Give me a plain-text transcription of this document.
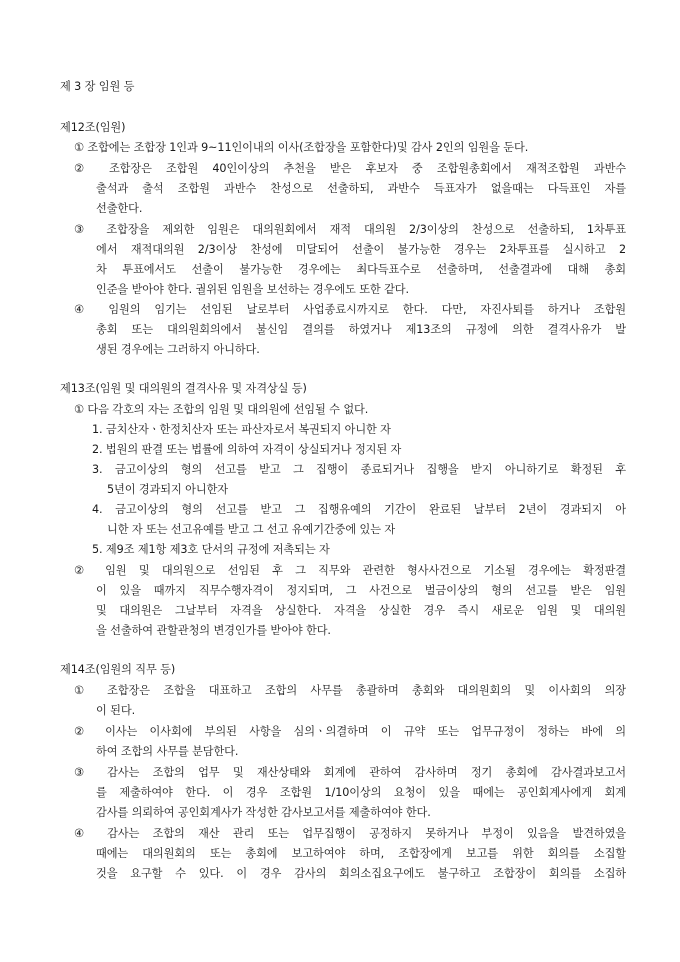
제 3 장 임원 등
제12조(임원)
① 조합에는 조합장 1인과 9~11인이내의 이사(조합장을 포함한다)및 감사 2인의 임원을 둔다.
② 조합장은 조합원 40인이상의 추천을 받은 후보자 중 조합원총회에서 재적조합원 과반수
출석과 출석 조합원 과반수 찬성으로 선출하되, 과반수 득표자가 없을때는 다득표인 자를
선출한다.
③ 조합장을 제외한 임원은 대의원회에서 재적 대의원 2/3이상의 찬성으로 선출하되, 1차투표
에서 재적대의원 2/3이상 찬성에 미달되어 선출이 불가능한 경우는 2차투표를 실시하고 2
차 투표에서도 선출이 불가능한 경우에는 최다득표수로 선출하며, 선출결과에 대해 총회
인준을 받아야 한다. 궐위된 임원을 보선하는 경우에도 또한 같다.
④ 임원의 임기는 선임된 날로부터 사업종료시까지로 한다. 다만, 자진사퇴를 하거나 조합원
총회 또는 대의원회의에서 불신임 결의를 하였거나 제13조의 규정에 의한 결격사유가 발
생된 경우에는 그러하지 아니하다.
제13조(임원 및 대의원의 결격사유 및 자격상실 등)
① 다음 각호의 자는 조합의 임원 및 대의원에 선임될 수 없다.
1. 금치산자ㆍ한정치산자 또는 파산자로서 복권되지 아니한 자
2. 법원의 판결 또는 법률에 의하여 자격이 상실되거나 정지된 자
3. 금고이상의 형의 선고를 받고 그 집행이 종료되거나 집행을 받지 아니하기로 확정된 후
5년이 경과되지 아니한자
4. 금고이상의 형의 선고를 받고 그 집행유예의 기간이 완료된 날부터 2년이 경과되지 아
니한 자 또는 선고유예를 받고 그 선고 유예기간중에 있는 자
5. 제9조 제1항 제3호 단서의 규정에 저촉되는 자
② 임원 및 대의원으로 선임된 후 그 직무와 관련한 형사사건으로 기소될 경우에는 확정판결
이 있을 때까지 직무수행자격이 정지되며, 그 사건으로 벌금이상의 형의 선고를 받은 임원
및 대의원은 그날부터 자격을 상실한다. 자격을 상실한 경우 즉시 새로운 임원 및 대의원
을 선출하여 관할관청의 변경인가를 받아야 한다.
제14조(임원의 직무 등)
① 조합장은 조합을 대표하고 조합의 사무를 총괄하며 총회와 대의원회의 및 이사회의 의장
이 된다.
② 이사는 이사회에 부의된 사항을 심의ㆍ의결하며 이 규약 또는 업무규정이 정하는 바에 의
하여 조합의 사무를 분담한다.
③ 감사는 조합의 업무 및 재산상태와 회계에 관하여 감사하며 정기 총회에 감사결과보고서
를 제출하여야 한다. 이 경우 조합원 1/10이상의 요청이 있을 때에는 공인회계사에게 회계
감사를 의뢰하여 공인회계사가 작성한 감사보고서를 제출하여야 한다.
④ 감사는 조합의 재산 관리 또는 업무집행이 공정하지 못하거나 부정이 있음을 발견하였을
때에는 대의원회의 또는 총회에 보고하여야 하며, 조합장에게 보고를 위한 회의를 소집할
것을 요구할 수 있다. 이 경우 감사의 회의소집요구에도 불구하고 조합장이 회의를 소집하
